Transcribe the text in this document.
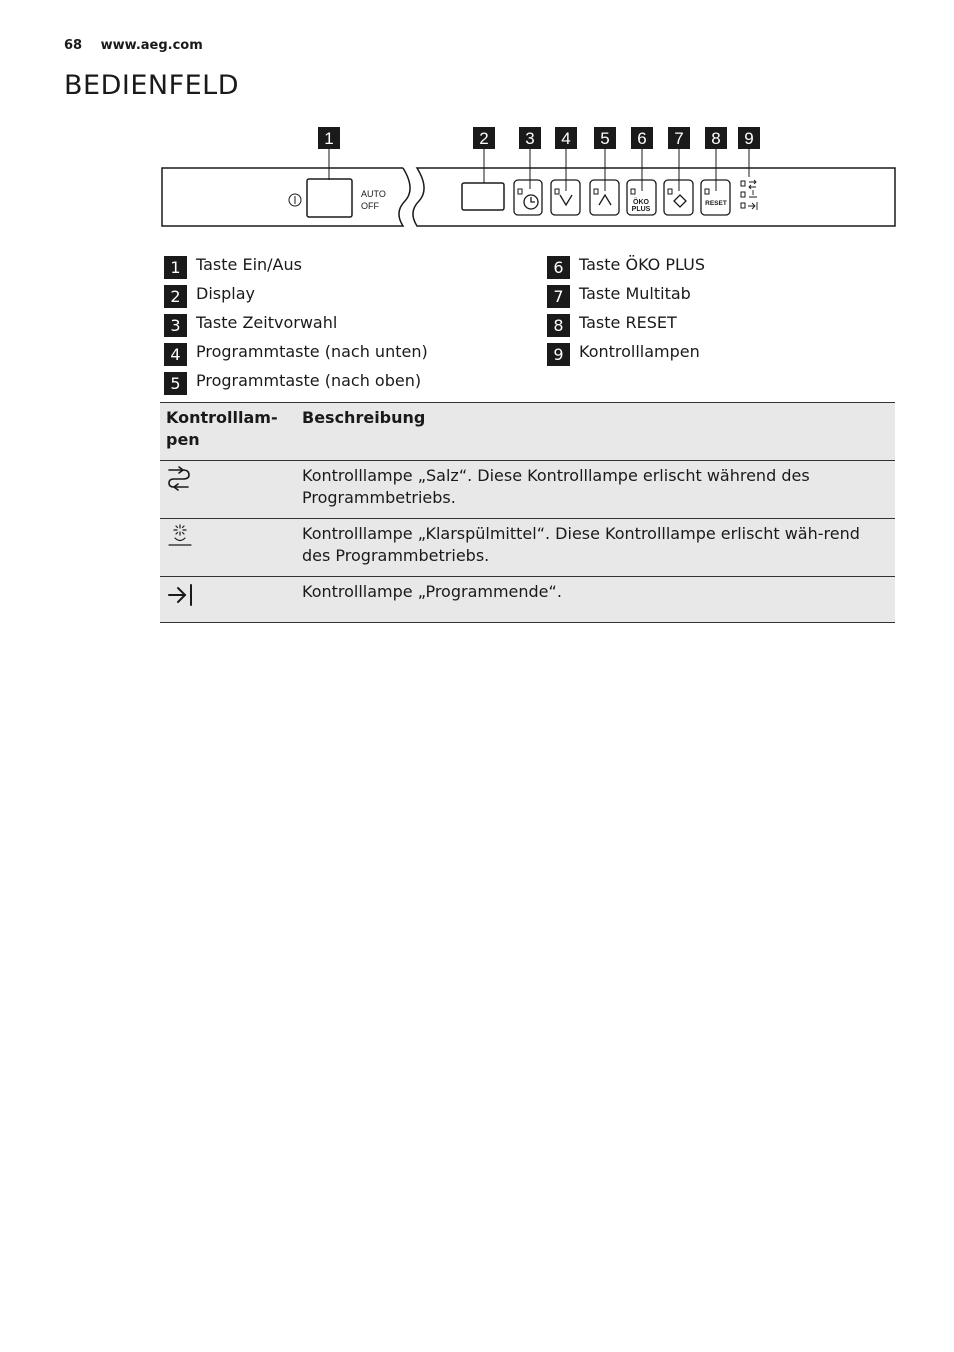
68 www.aeg.com
BEDIENFELD
1	2 3 4 5 6 7 8 9
AUTO
OFF	ÖKO
PLUS
RESET
1 Taste Ein/Aus
2 Display
3 Taste Zeitvorwahl
4 Programmtaste (nach unten)
5 Programmtaste (nach oben)
6 Taste ÖKO PLUS
7 Taste Multitab
8 Taste RESET
9 Kontrolllampen
Kontrolllam-pen	Beschreibung
	Kontrolllampe „Salz“. Diese Kontrolllampe erlischt während des Programmbetriebs.
	Kontrolllampe „Klarspülmittel“. Diese Kontrolllampe erlischt wäh-rend des Programmbetriebs.
	Kontrolllampe „Programmende“.
